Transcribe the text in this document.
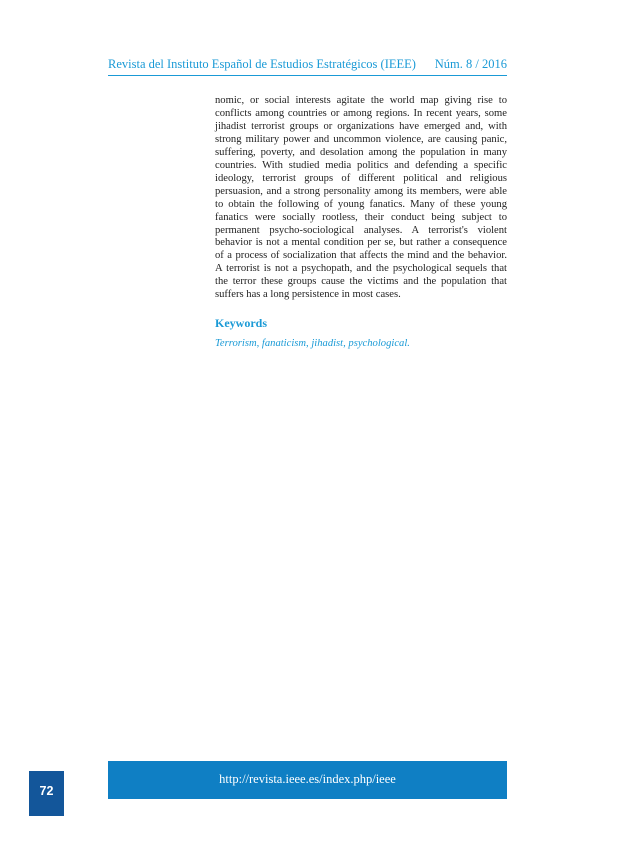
Revista del Instituto Español de Estudios Estratégicos (IEEE) Núm. 8 / 2016

nomic, or social interests agitate the world map giving rise to conflicts among countries or among regions. In recent years, some jihadist terrorist groups or organizations have emerged and, with strong military power and uncommon violence, are causing panic, suffering, poverty, and desolation among the population in many countries. With studied media politics and defending a specific ideology, terrorist groups of different political and religious persuasion, and a strong personality among its members, were able to obtain the following of young fanatics. Many of these young fanatics were socially rootless, their conduct being subject to permanent psycho-sociological analyses. A terrorist's violent behavior is not a mental condition per se, but rather a consequence of a process of socialization that affects the mind and the behavior. A terrorist is not a psychopath, and the psychological sequels that the terror these groups cause the victims and the population that suffers has a long persistence in most cases.

Keywords

Terrorism, fanaticism, jihadist, psychological.

http://revista.ieee.es/index.php/ieee
72
